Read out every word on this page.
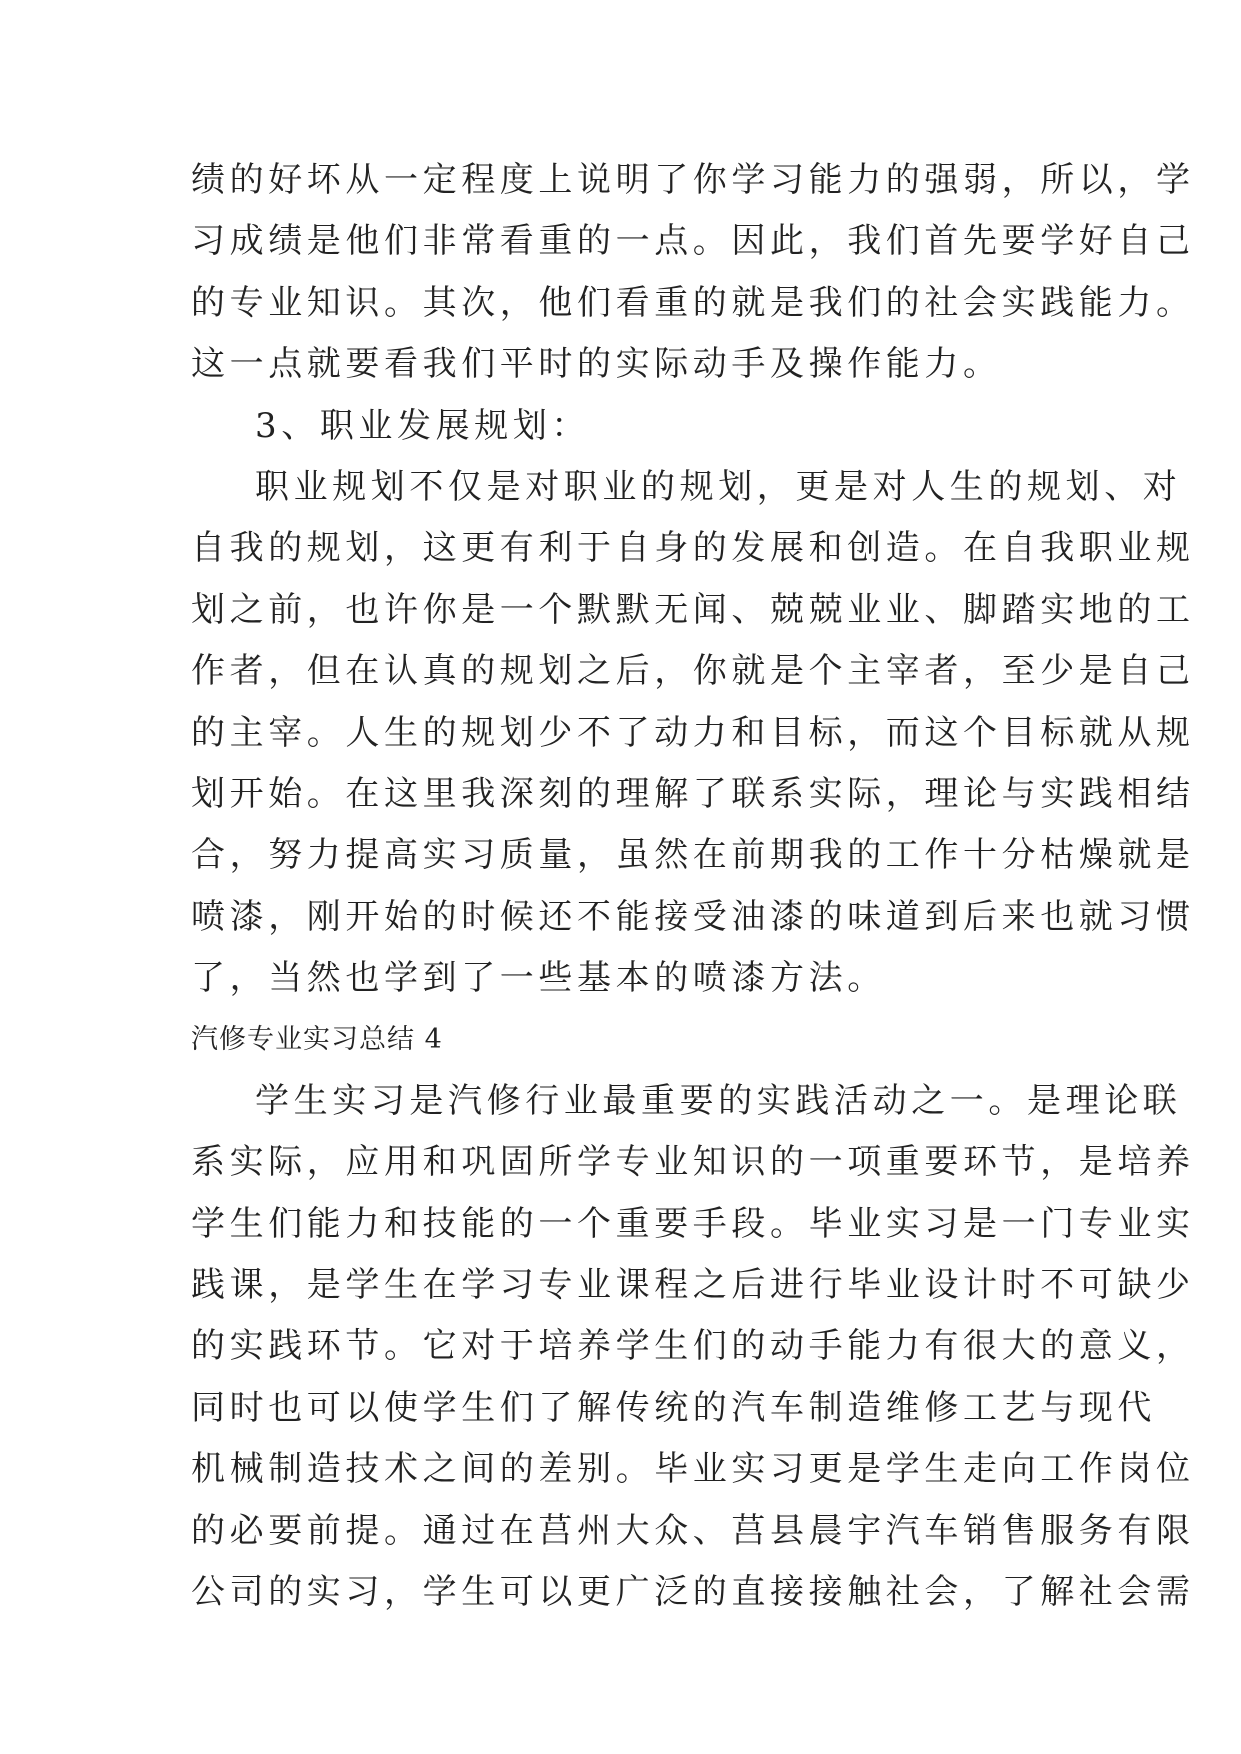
绩的好坏从一定程度上说明了你学习能力的强弱，所以，学
习成绩是他们非常看重的一点。因此，我们首先要学好自己
的专业知识。其次，他们看重的就是我们的社会实践能力。
这一点就要看我们平时的实际动手及操作能力。
3、职业发展规划：
职业规划不仅是对职业的规划，更是对人生的规划、对
自我的规划，这更有利于自身的发展和创造。在自我职业规
划之前，也许你是一个默默无闻、兢兢业业、脚踏实地的工
作者，但在认真的规划之后，你就是个主宰者，至少是自己
的主宰。人生的规划少不了动力和目标，而这个目标就从规
划开始。在这里我深刻的理解了联系实际，理论与实践相结
合，努力提高实习质量，虽然在前期我的工作十分枯燥就是
喷漆，刚开始的时候还不能接受油漆的味道到后来也就习惯
了，当然也学到了一些基本的喷漆方法。
汽修专业实习总结 4
学生实习是汽修行业最重要的实践活动之一。是理论联
系实际，应用和巩固所学专业知识的一项重要环节，是培养
学生们能力和技能的一个重要手段。毕业实习是一门专业实
践课，是学生在学习专业课程之后进行毕业设计时不可缺少
的实践环节。它对于培养学生们的动手能力有很大的意义，
同时也可以使学生们了解传统的汽车制造维修工艺与现代
机械制造技术之间的差别。毕业实习更是学生走向工作岗位
的必要前提。通过在莒州大众、莒县晨宇汽车销售服务有限
公司的实习，学生可以更广泛的直接接触社会，了解社会需
